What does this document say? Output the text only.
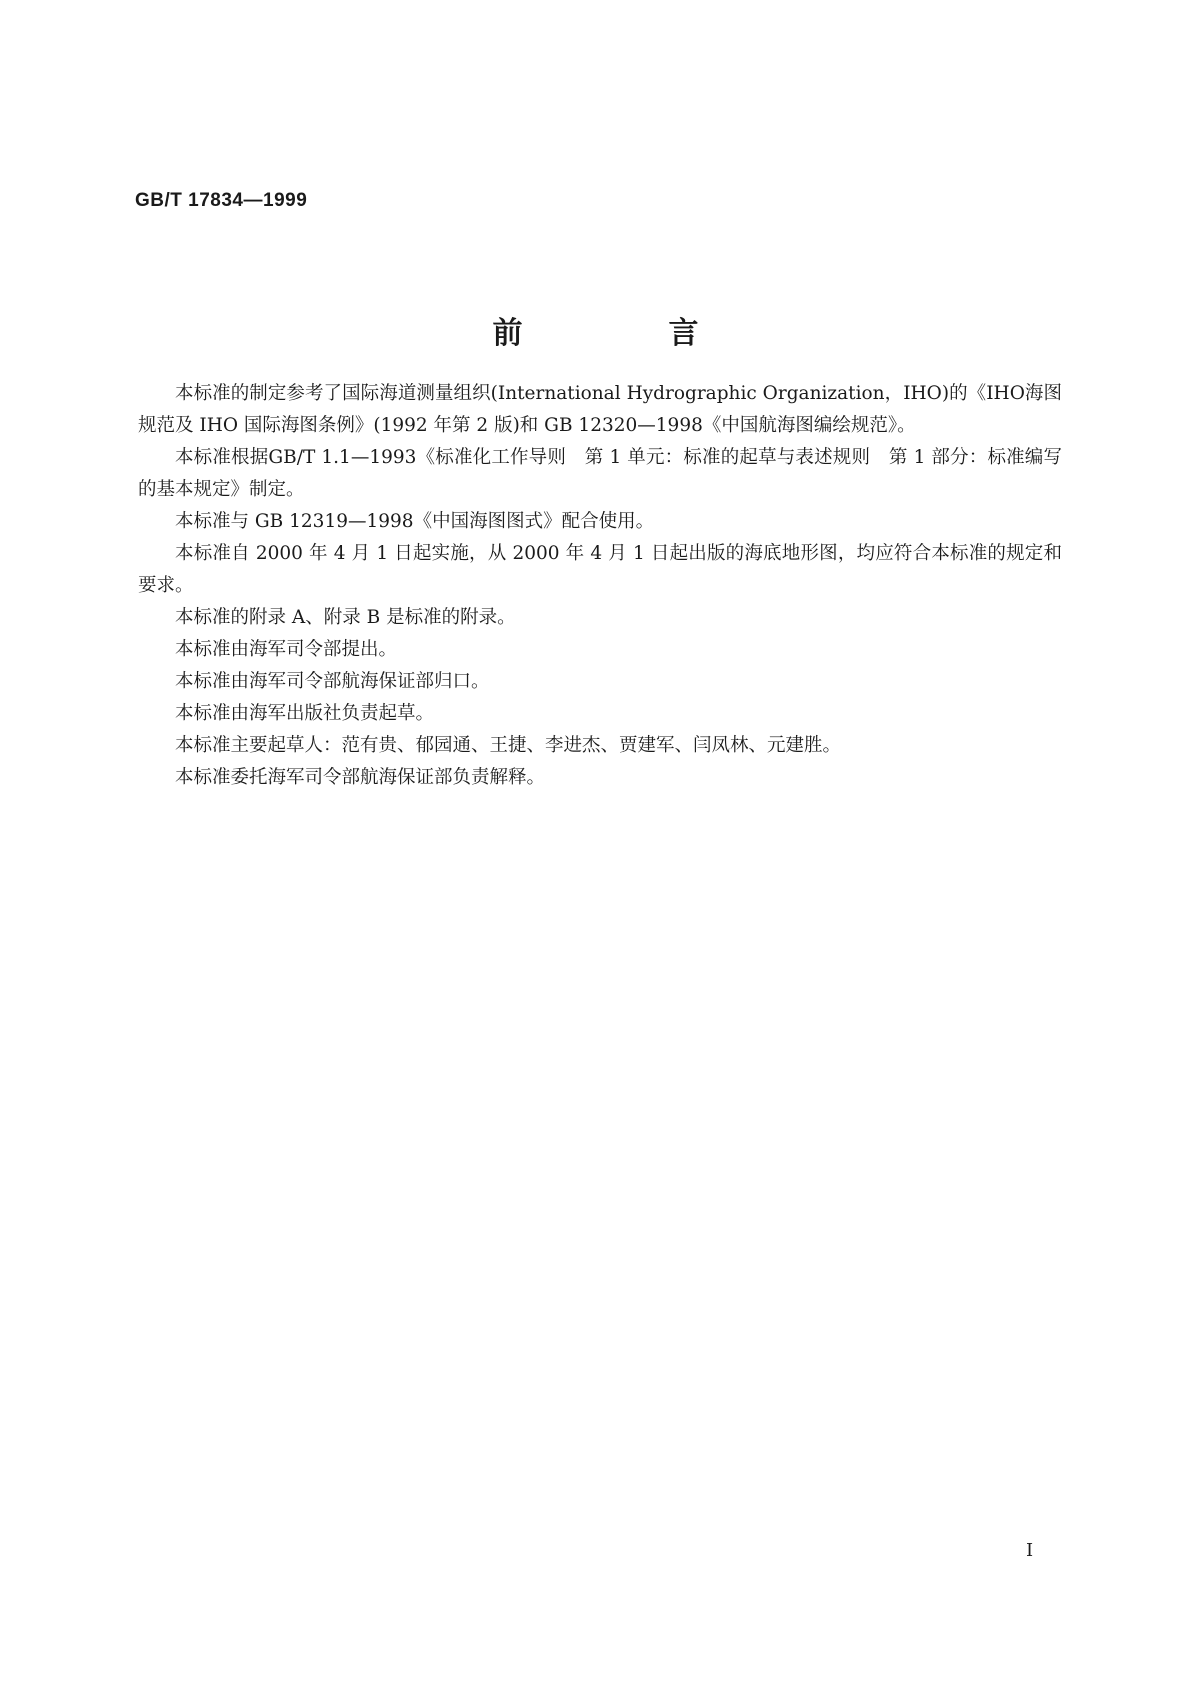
GB/T 17834—1999
前　言

本标准的制定参考了国际海道测量组织(International Hydrographic Organization，IHO)的《IHO海图规范及 IHO 国际海图条例》(1992 年第 2 版)和 GB 12320—1998《中国航海图编绘规范》。

本标准根据GB/T 1.1—1993《标准化工作导则　第 1 单元：标准的起草与表述规则　第 1 部分：标准编写的基本规定》制定。

本标准与 GB 12319—1998《中国海图图式》配合使用。

本标准自 2000 年 4 月 1 日起实施，从 2000 年 4 月 1 日起出版的海底地形图，均应符合本标准的规定和要求。

本标准的附录 A、附录 B 是标准的附录。

本标准由海军司令部提出。

本标准由海军司令部航海保证部归口。

本标准由海军出版社负责起草。

本标准主要起草人：范有贵、郁园通、王捷、李进杰、贾建军、闫凤林、元建胜。

本标准委托海军司令部航海保证部负责解释。

I
